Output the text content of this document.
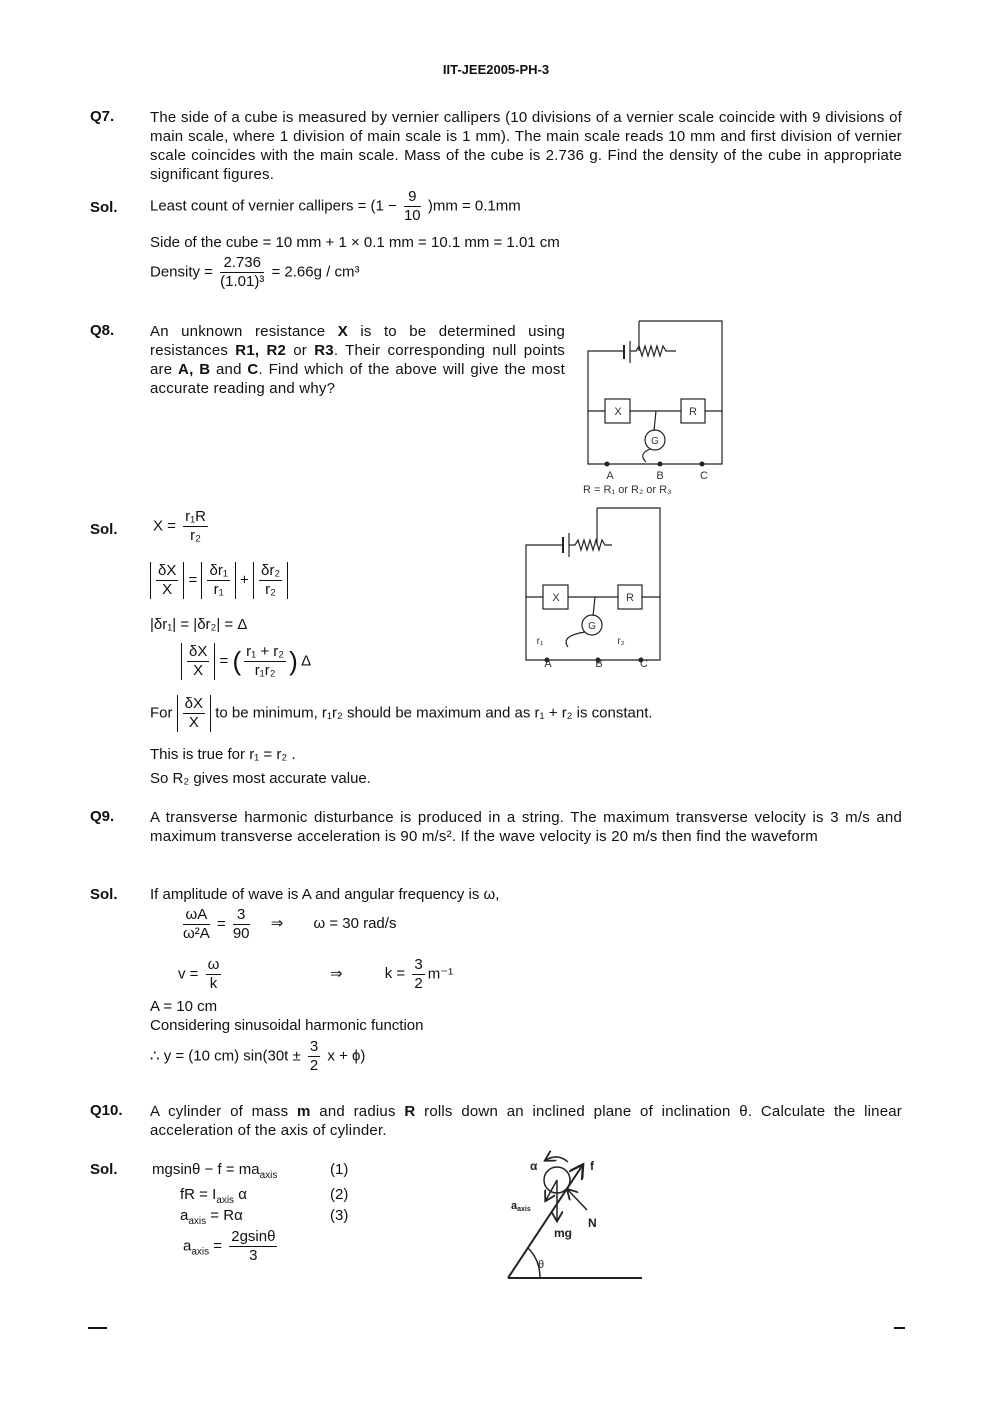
IIT-JEE2005-PH-3
Q7. The side of a cube is measured by vernier callipers (10 divisions of a vernier scale coincide with 9 divisions of main scale, where 1 division of main scale is 1 mm). The main scale reads 10 mm and first division of vernier scale coincides with the main scale. Mass of the cube is 2.736 g. Find the density of the cube in appropriate significant figures.
Sol. Least count of vernier callipers = $(1 - \frac{9}{10} )mm = 0.1mm$
Side of the cube = 10 mm + 1 × 0.1 mm = 10.1 mm = 1.01 cm
Density = $\frac{2.736}{\text{(1.01)³}} = 2.66g / cm^3$
Q8. An unknown resistance X is to be determined using resistances R1, R2 or R3. Their corresponding null points are A, B and C. Find which of the above will give the most accurate reading and why?
X	R
G
A	B	C
R = R₁ or R₂ or R₃
Sol. $X = \frac{\text{r₁R}}{\text{r₂}}$
$\frac{\delta X}{X} = \frac{\text{δr₁}}{\text{r₁}} + \frac{\text{δr₂}}{\text{r₂}}$
|δr₁| = |δr₂| = Δ
$\frac{\delta X}{X}$ = ( $\frac{\text{r₁ + r₂}}{\text{r₁r₂}}$ ) Δ
For $\frac{\delta X}{X}$ to be minimum, r₁r₂ should be maximum and as r₁ + r₂ is constant.
This is true for r₁ = r₂ .
So R₂ gives most accurate value.
X	R
G
r₁	r₂
A	B	C
Q9. A transverse harmonic disturbance is produced in a string. The maximum transverse velocity is 3 m/s and maximum transverse acceleration is 90 m/s². If the wave velocity is 20 m/s then find the waveform
Sol. If amplitude of wave is A and angular frequency is ω,
$\frac{\omega A}{\text{ω²A}} = \frac{3}{90}$ ⇒ ω = 30 rad/s
$v = \frac{\omega}{k}$	⇒	$k = \frac{3}{2} m^{-1}$
A = 10 cm
Considering sinusoidal harmonic function
∴ y = (10 cm) $\sin(30t \pm \frac{3}{2}$ x + ϕ)
Q10. A cylinder of mass m and radius R rolls down an inclined plane of inclination θ. Calculate the linear acceleration of the axis of cylinder.
Sol. $mgsin\theta - f = ma_{axis}$	(1)
fR = $I_{axis}$ α	(2)
$a_{axis} = R\alpha$	(3)
$a_{axis} = \frac{2gsin\theta}{3}$
α	f
aaxis
N
mg
θ
